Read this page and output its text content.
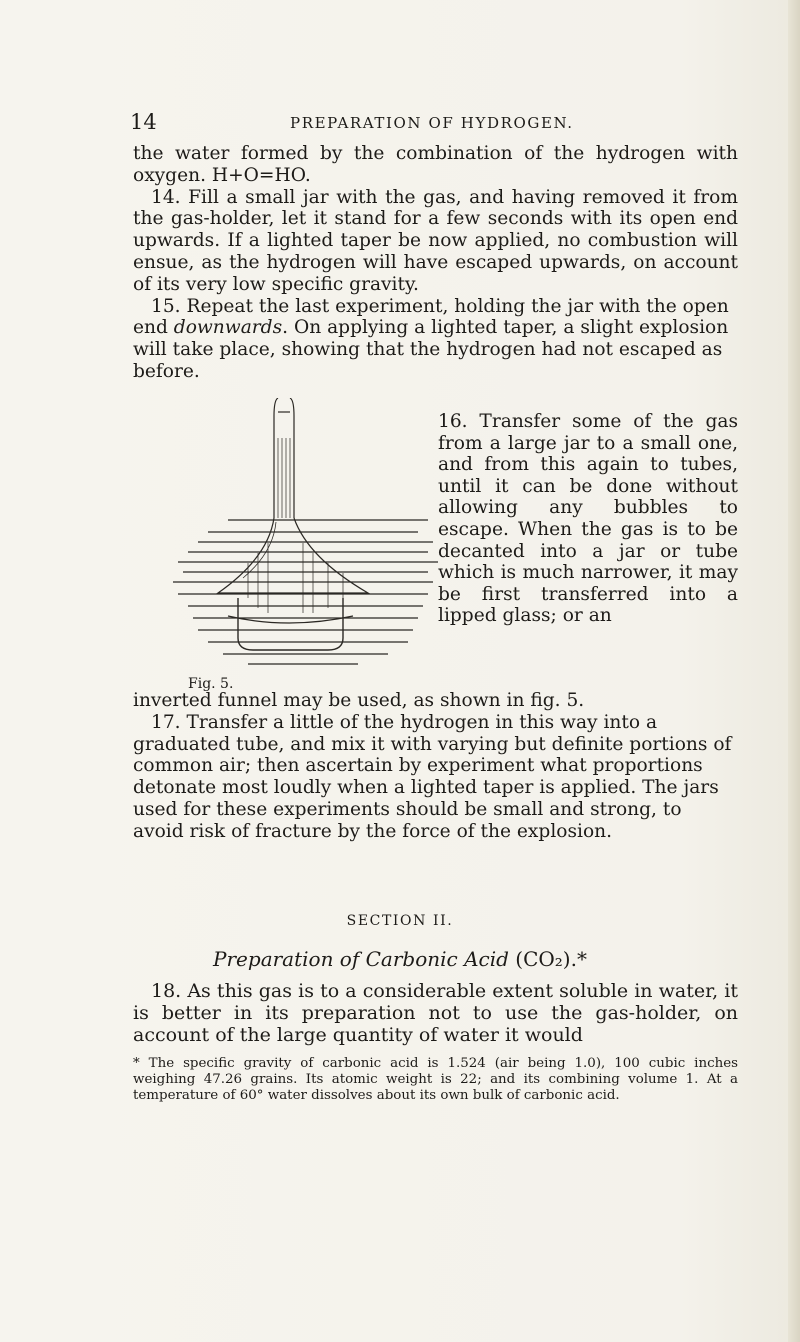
14	PREPARATION OF HYDROGEN.

the water formed by the combination of the hydrogen with oxygen. H+O=HO.

14. Fill a small jar with the gas, and having removed it from the gas-holder, let it stand for a few seconds with its open end upwards. If a lighted taper be now applied, no combustion will ensue, as the hydrogen will have escaped upwards, on account of its very low specific gravity.

15. Repeat the last experiment, holding the jar with the open end downwards. On applying a lighted taper, a slight explosion will take place, showing that the hydrogen had not escaped as before.

Fig. 5.

16. Transfer some of the gas from a large jar to a small one, and from this again to tubes, until it can be done without allowing any bubbles to escape. When the gas is to be decanted into a jar or tube which is much narrower, it may be first transferred into a lipped glass; or an

inverted funnel may be used, as shown in fig. 5.

17. Transfer a little of the hydrogen in this way into a graduated tube, and mix it with varying but definite portions of common air; then ascertain by experiment what proportions detonate most loudly when a lighted taper is applied. The jars used for these experiments should be small and strong, to avoid risk of fracture by the force of the explosion.

SECTION II.
Preparation of Carbonic Acid (CO₂).*

18. As this gas is to a considerable extent soluble in water, it is better in its preparation not to use the gas-holder, on account of the large quantity of water it would

* The specific gravity of carbonic acid is 1.524 (air being 1.0), 100 cubic inches weighing 47.26 grains. Its atomic weight is 22; and its combining volume 1. At a temperature of 60° water dissolves about its own bulk of carbonic acid.
